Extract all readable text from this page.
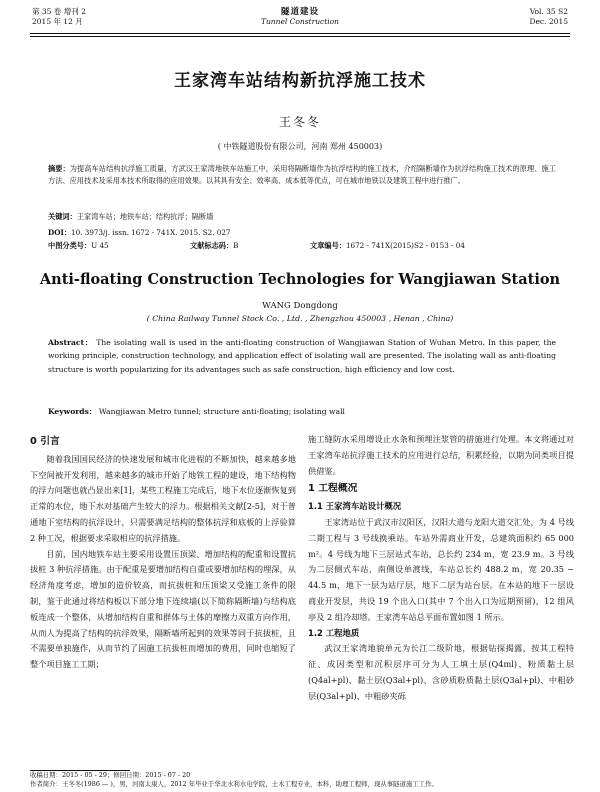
第 35 卷 增刊 2
2015 年 12 月
隧道建设
Tunnel Construction
Vol. 35 S2
Dec. 2015
王家湾车站结构新抗浮施工技术
王冬冬
( 中铁隧道股份有限公司，河南 郑州 450003)
摘要：为提高车站结构抗浮施工质量，方武汉王家湾地铁车站施工中，采用将隔断墙作为抗浮结构的施工技术，介绍隔断墙作为抗浮结构施工技术的原理、施工方法、应用技术及采用本技术所取得的应用效果。以其具有安全、效率高、成本低等优点，可在城市地铁以及建筑工程中进行推广。
关键词：王家湾车站；地铁车站；结构抗浮；隔断墙
DOI：10. 3973/j. issn. 1672 - 741X. 2015. S2. 027
中图分类号：U 45	文献标志码：B	文章编号：1672 - 741X(2015)S2 - 0153 - 04
Anti-floating Construction Technologies for Wangjiawan Station
WANG Dongdong
( China Railway Tunnel Stock Co. , Ltd. , Zhengzhou 450003 , Henan , China)
Abstract： The isolating wall is used in the anti-floating construction of Wangjiawan Station of Wuhan Metro. In this paper, the working principle, construction technology, and application effect of isolating wall are presented. The isolating wall as anti-floating structure is worth popularizing for its advantages such as safe construction, high efficiency and low cost.
Keywords： Wangjiawan Metro tunnel; structure anti-floating; isolating wall
0 引言

随着我国国民经济的快速发展和城市化进程的不断加快，越来越多地下空间被开发利用，越来越多的城市开始了地铁工程的建设，地下结构物的浮力问题也就凸显出来[1]，某些工程施工完成后，地下水位逐渐恢复到正常的水位，地下水对基础产生较大的浮力。根据相关文献[2-5]，对于普通地下室结构的抗浮设计，只需要满足结构的整体抗浮和底板的上浮验算 2 种工况，根据要求采取相应的抗浮措施。

目前，国内地铁车站主要采用设置压顶梁、增加结构的配重和设置抗拔桩 3 种抗浮措施。由于配重是要增加结构自重或要增加结构的埋深，从经济角度考虑，增加的造价较高，而抗拔桩和压顶梁又受施工条件的限制，鉴于此通过将结构板以下部分地下连续墙(以下简称隔断墙)与结构底板连成一个整体，从增加结构自重和群体与土体的摩擦力双重方向作用，从而人为提高了结构的抗浮效果，隔断墙所起到的效果等同于抗拔桩，且不需要单独施作，从而节约了因施工抗拔桩而增加的费用，同时也缩短了整个项目施工工期；

施工缝防水采用增设止水条和预埋注浆管的措施进行处理。本文将通过对王家湾车站抗浮施工技术的应用进行总结，积累经验，以期为同类项目提供借鉴。

1 工程概况
1.1 王家湾车站设计概况

王家湾站位于武汉市汉阳区，汉阳大道与龙阳大道交汇处，为 4 号线二期工程与 3 号线换乘站。车站外需商业开发，总建筑面积约 65 000 m²。4 号线为地下三层站式车站，总长约 234 m，宽 23.9 m。3 号线为二层侧式车站，南侧设单渡线，车站总长约 488.2 m，宽 20.35 ~ 44.5 m，地下一层为站厅层，地下二层为站台层。在本站的地下一层设商业开发层，共设 19 个出入口(其中 7 个出入口为远期预留)，12 组风亭及 2 组冷却塔。王家湾车站总平面布置如图 1 所示。

1.2 工程地质

武汉王家湾地貌单元为长江二级阶地，根据钻探揭露，按其工程特征、成因类型和沉积层序可分为人工填土层(Q4ml)、粉质黏土层(Q4al+pl)、黏土层(Q3al+pl)、含砂质粉质黏土层(Q3al+pl)、中粗砂层(Q3al+pl)、中粗砂夹砾

收稿日期：2015 - 05 - 29；修回日期：2015 - 07 - 20
作者简介：王冬冬(1986 — )，男，河南太康人，2012 年毕业于华北水利水电学院，土木工程专业，本科，助理工程师，现从事隧道施工工作。
